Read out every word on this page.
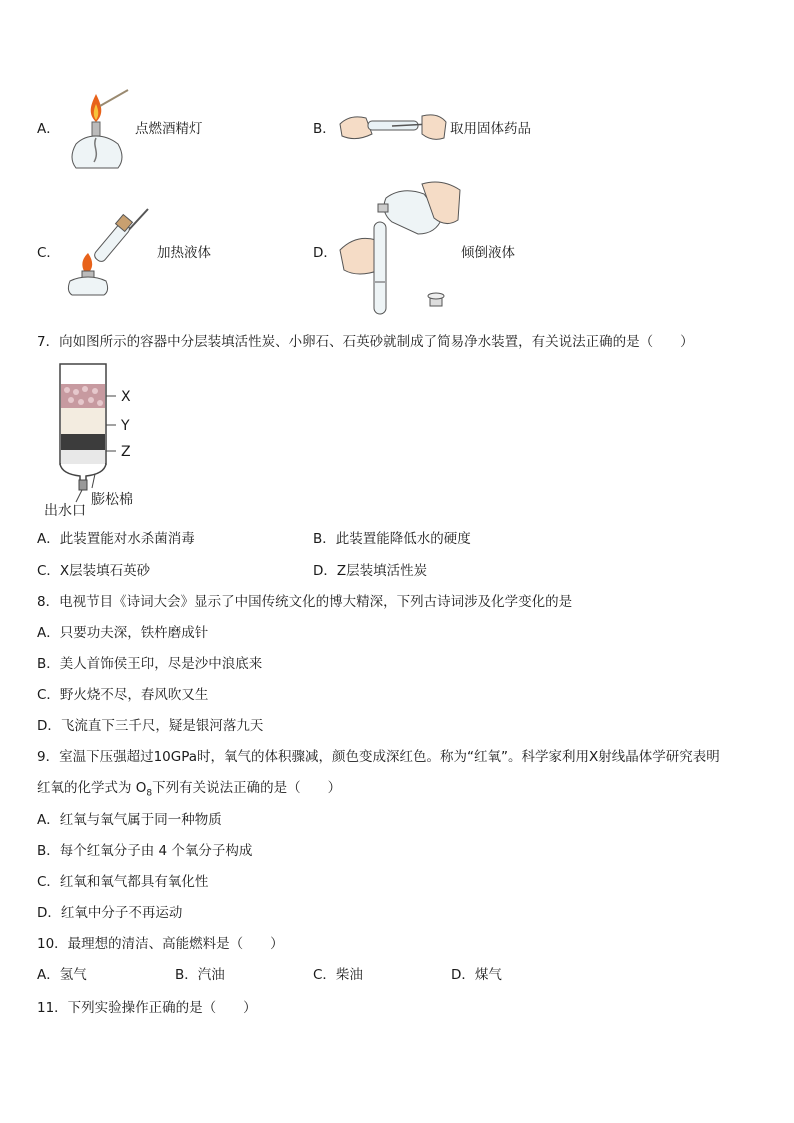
A．	点燃酒精灯	B．	取用固体药品
C．	加热液体	D．	倾倒液体
7．向如图所示的容器中分层装填活性炭、小卵石、石英砂就制成了简易净水装置，有关说法正确的是（　　）
X
Y
Z
膨松棉
出水口
A．此装置能对水杀菌消毒	B．此装置能降低水的硬度
C．X层装填石英砂	D．Z层装填活性炭
8．电视节目《诗词大会》显示了中国传统文化的博大精深，下列古诗词涉及化学变化的是
A．只要功夫深，铁杵磨成针
B．美人首饰侯王印，尽是沙中浪底来
C．野火烧不尽，春风吹又生
D．飞流直下三千尺，疑是银河落九天
9．室温下压强超过10GPa时，氧气的体积骤减，颜色变成深红色。称为“红氧”。科学家利用X射线晶体学研究表明
红氧的化学式为 $O_8$下列有关说法正确的是（　　）
A．红氧与氧气属于同一种物质
B．每个红氧分子由 4 个氧分子构成
C．红氧和氧气都具有氧化性
D．红氧中分子不再运动
10．最理想的清洁、高能燃料是（　　）
A．氢气	B．汽油	C．柴油	D．煤气
11．下列实验操作正确的是（　　）
